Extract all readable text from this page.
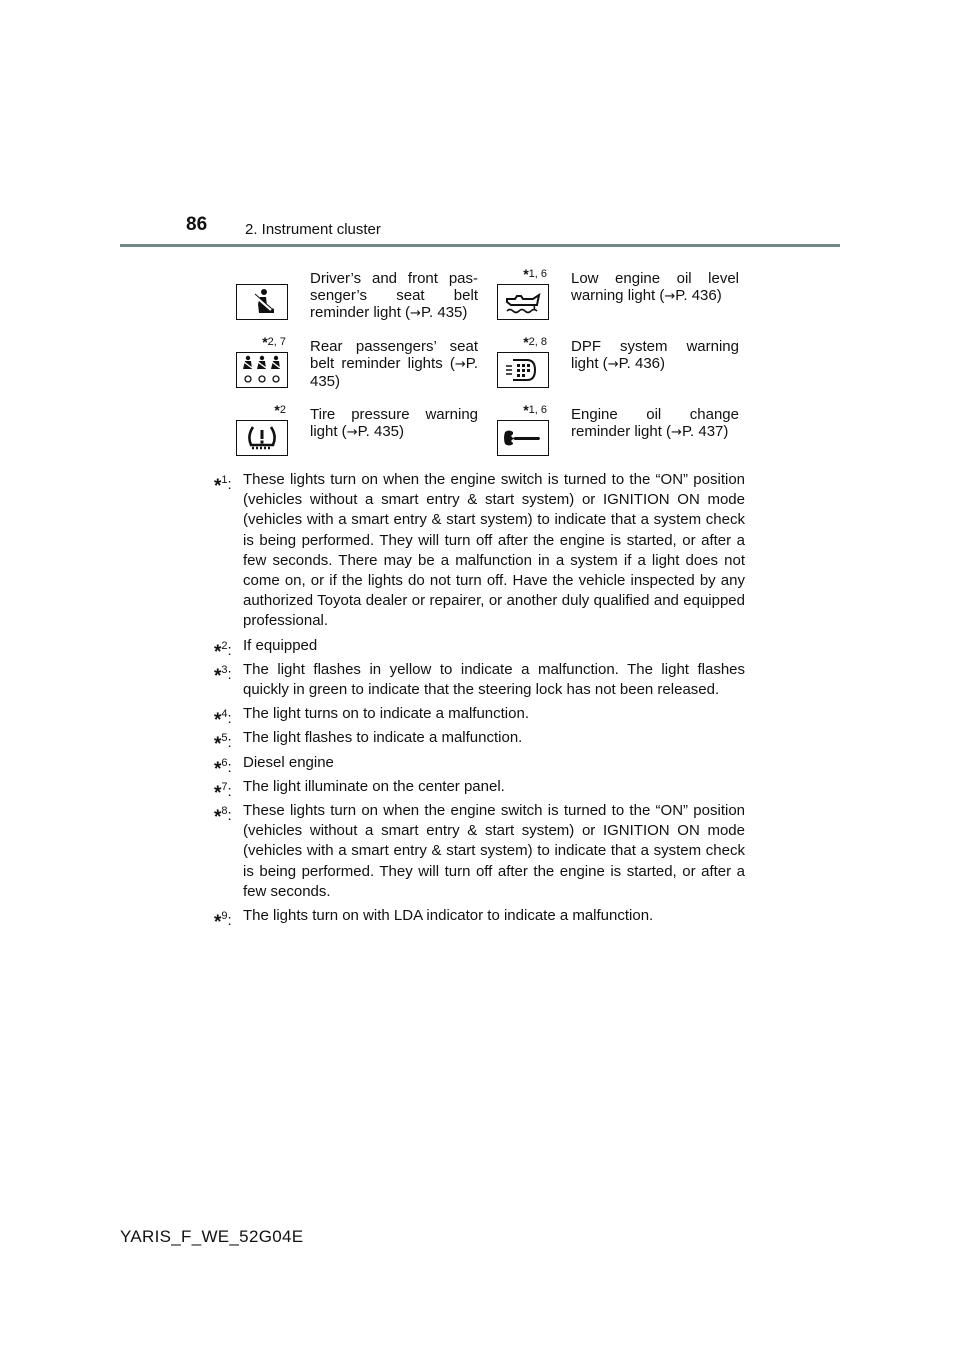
86	2. Instrument cluster
Driver’s and front pas-senger’s seat belt reminder light (→P. 435)
*1, 6 Low engine oil level warning light (→P. 436)
*2, 7 Rear passengers’ seat belt reminder lights (→P. 435)
*2, 8 DPF system warning light (→P. 436)
*2 Tire pressure warning light (→P. 435)
*1, 6 Engine oil change reminder light (→P. 437)
*$^1$: These lights turn on when the engine switch is turned to the “ON” position (vehicles without a smart entry & start system) or IGNITION ON mode (vehicles with a smart entry & start system) to indicate that a system check is being performed. They will turn off after the engine is started, or after a few seconds. There may be a malfunction in a system if a light does not come on, or if the lights do not turn off. Have the vehicle inspected by any authorized Toyota dealer or repairer, or another duly qualified and equipped professional.
*$^2$: If equipped
*$^3$: The light flashes in yellow to indicate a malfunction. The light flashes quickly in green to indicate that the steering lock has not been released.
*$^4$: The light turns on to indicate a malfunction.
*$^5$: The light flashes to indicate a malfunction.
*$^6$: Diesel engine
*$^7$: The light illuminate on the center panel.
*$^8$: These lights turn on when the engine switch is turned to the “ON” position (vehicles without a smart entry & start system) or IGNITION ON mode (vehicles with a smart entry & start system) to indicate that a system check is being performed. They will turn off after the engine is started, or after a few seconds.
*$^9$: The lights turn on with LDA indicator to indicate a malfunction.
YARIS_F_WE_52G04E
